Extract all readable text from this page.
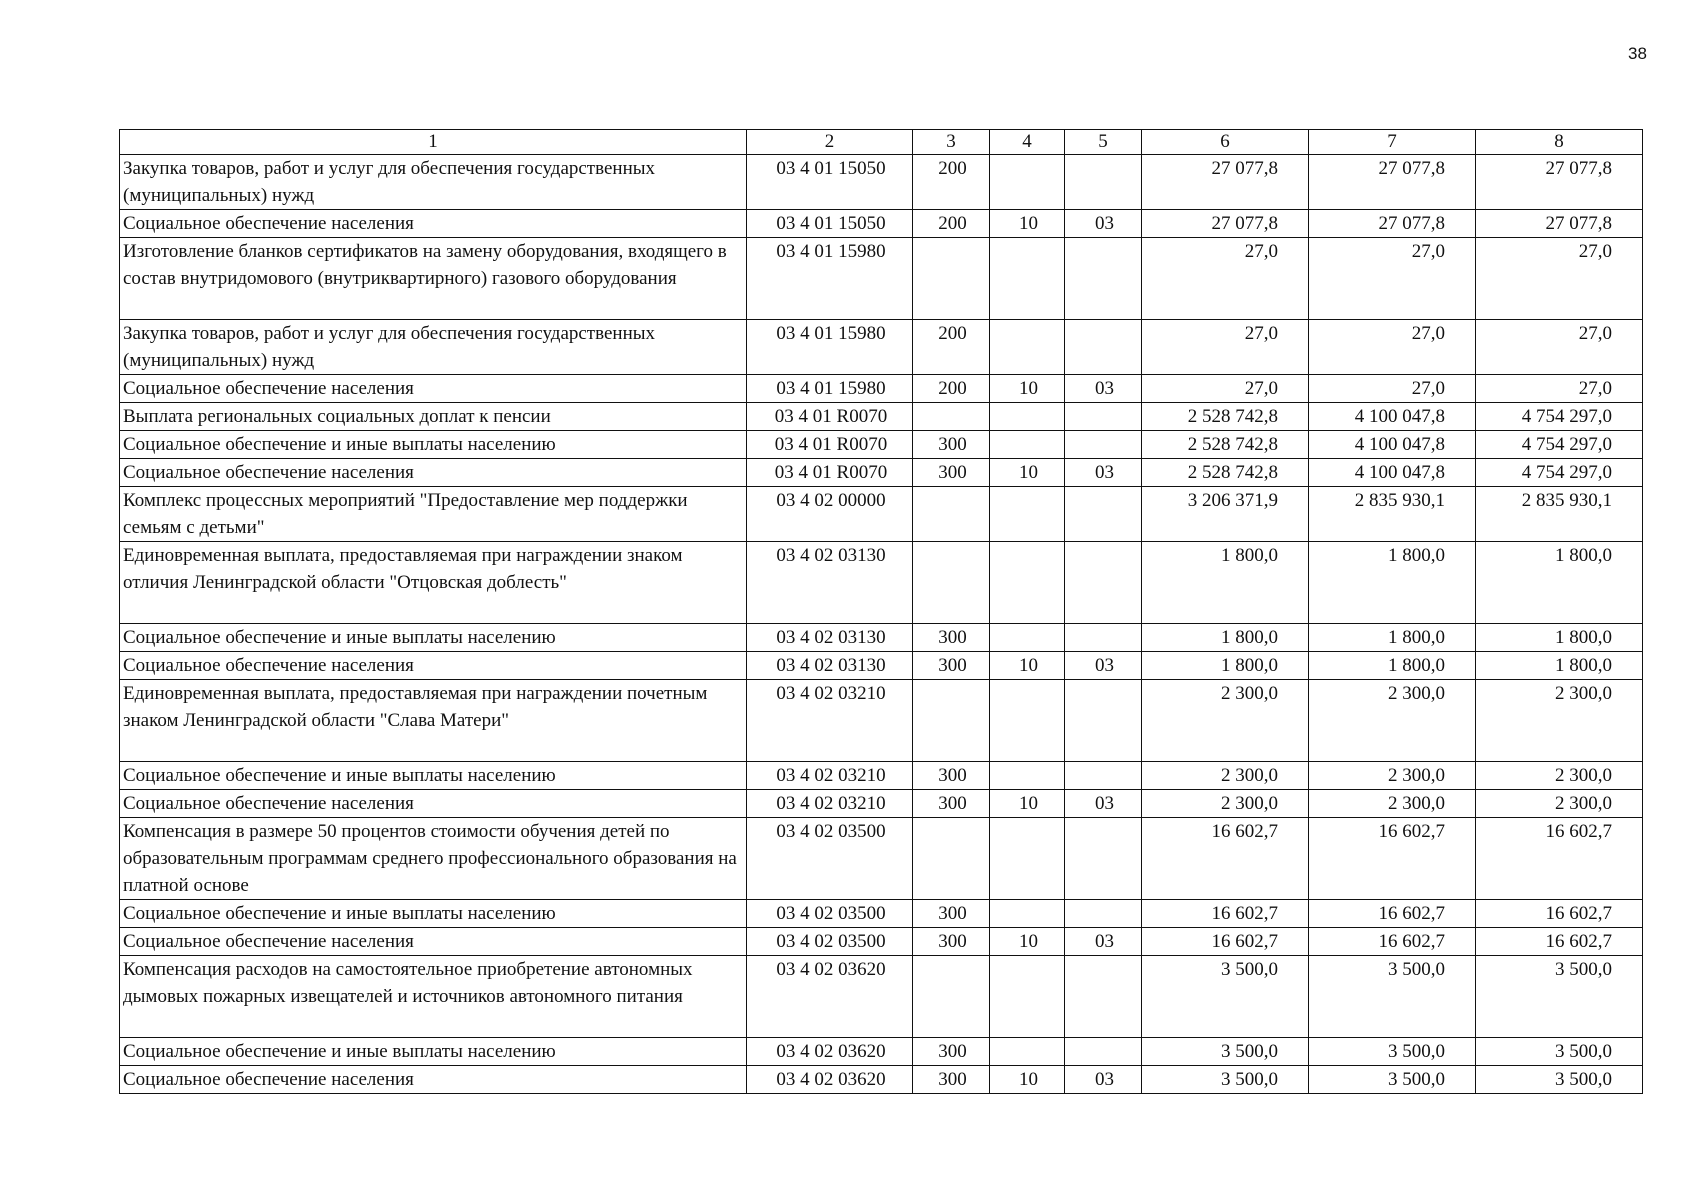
38
1	2	3	4	5	6	7	8
Закупка товаров, работ и услуг для обеспечения государственных (муниципальных) нужд	03 4 01 15050	200			27 077,8	27 077,8	27 077,8
Социальное обеспечение населения	03 4 01 15050	200	10	03	27 077,8	27 077,8	27 077,8
Изготовление бланков сертификатов на замену оборудования, входящего в состав внутридомового (внутриквартирного) газового оборудования	03 4 01 15980				27,0	27,0	27,0
Закупка товаров, работ и услуг для обеспечения государственных (муниципальных) нужд	03 4 01 15980	200			27,0	27,0	27,0
Социальное обеспечение населения	03 4 01 15980	200	10	03	27,0	27,0	27,0
Выплата региональных социальных доплат к пенсии	03 4 01 R0070				2 528 742,8	4 100 047,8	4 754 297,0
Социальное обеспечение и иные выплаты населению	03 4 01 R0070	300			2 528 742,8	4 100 047,8	4 754 297,0
Социальное обеспечение населения	03 4 01 R0070	300	10	03	2 528 742,8	4 100 047,8	4 754 297,0
Комплекс процессных мероприятий "Предоставление мер поддержки семьям с детьми"	03 4 02 00000				3 206 371,9	2 835 930,1	2 835 930,1
Единовременная выплата, предоставляемая при награждении знаком отличия Ленинградской области "Отцовская доблесть"	03 4 02 03130				1 800,0	1 800,0	1 800,0
Социальное обеспечение и иные выплаты населению	03 4 02 03130	300			1 800,0	1 800,0	1 800,0
Социальное обеспечение населения	03 4 02 03130	300	10	03	1 800,0	1 800,0	1 800,0
Единовременная выплата, предоставляемая при награждении почетным знаком Ленинградской области "Слава Матери"	03 4 02 03210				2 300,0	2 300,0	2 300,0
Социальное обеспечение и иные выплаты населению	03 4 02 03210	300			2 300,0	2 300,0	2 300,0
Социальное обеспечение населения	03 4 02 03210	300	10	03	2 300,0	2 300,0	2 300,0
Компенсация в размере 50 процентов стоимости обучения детей по образовательным программам среднего профессионального образования на платной основе	03 4 02 03500				16 602,7	16 602,7	16 602,7
Социальное обеспечение и иные выплаты населению	03 4 02 03500	300			16 602,7	16 602,7	16 602,7
Социальное обеспечение населения	03 4 02 03500	300	10	03	16 602,7	16 602,7	16 602,7
Компенсация расходов на самостоятельное приобретение автономных дымовых пожарных извещателей и источников автономного питания	03 4 02 03620				3 500,0	3 500,0	3 500,0
Социальное обеспечение и иные выплаты населению	03 4 02 03620	300			3 500,0	3 500,0	3 500,0
Социальное обеспечение населения	03 4 02 03620	300	10	03	3 500,0	3 500,0	3 500,0
